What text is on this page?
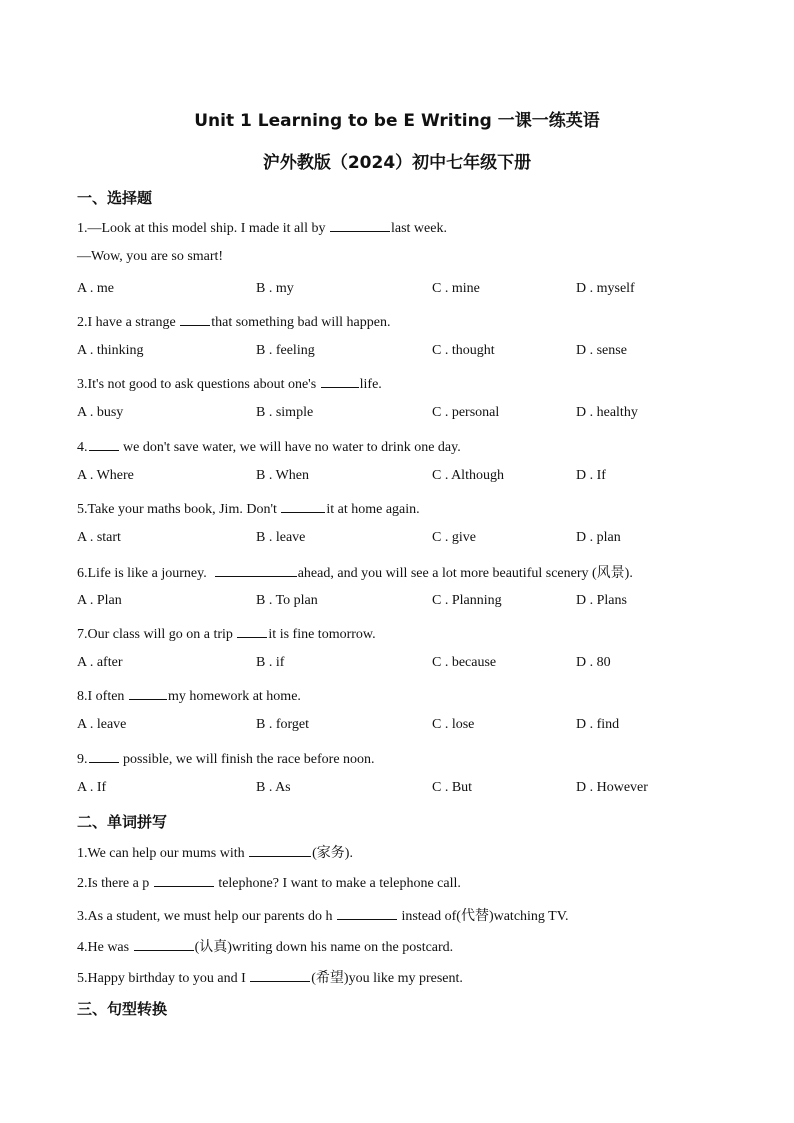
Unit 1 Learning to be E Writing 一课一练英语
沪外教版（2024）初中七年级下册
一、选择题
1.—Look at this model ship. I made it all by	last week.
—Wow, you are so smart!
A . me	B . my	C . mine	D . myself
2.I have a strange	that something bad will happen.
A . thinking	B . feeling	C . thought	D . sense
3.It's not good to ask questions about one's	life.
A . busy	B . simple	C . personal	D . healthy
4.	we don't save water, we will have no water to drink one day.
A . Where	B . When	C . Although	D . If
5.Take your maths book, Jim. Don't	it at home again.
A . start	B . leave	C . give	D . plan
6.Life is like a journey.	ahead, and you will see a lot more beautiful scenery (风景).
A . Plan	B . To plan	C . Planning	D . Plans
7.Our class will go on a trip	it is fine tomorrow.
A . after	B . if	C . because	D . 80
8.I often	my homework at home.
A . leave	B . forget	C . lose	D . find
9.	possible, we will finish the race before noon.
A . If	B . As	C . But	D . However
二、单词拼写
1.We can help our mums with	(家务).
2.Is there a p	telephone? I want to make a telephone call.
3.As a student, we must help our parents do h	instead of(代替)watching TV.
4.He was	(认真)writing down his name on the postcard.
5.Happy birthday to you and I	(希望)you like my present.
三、句型转换
